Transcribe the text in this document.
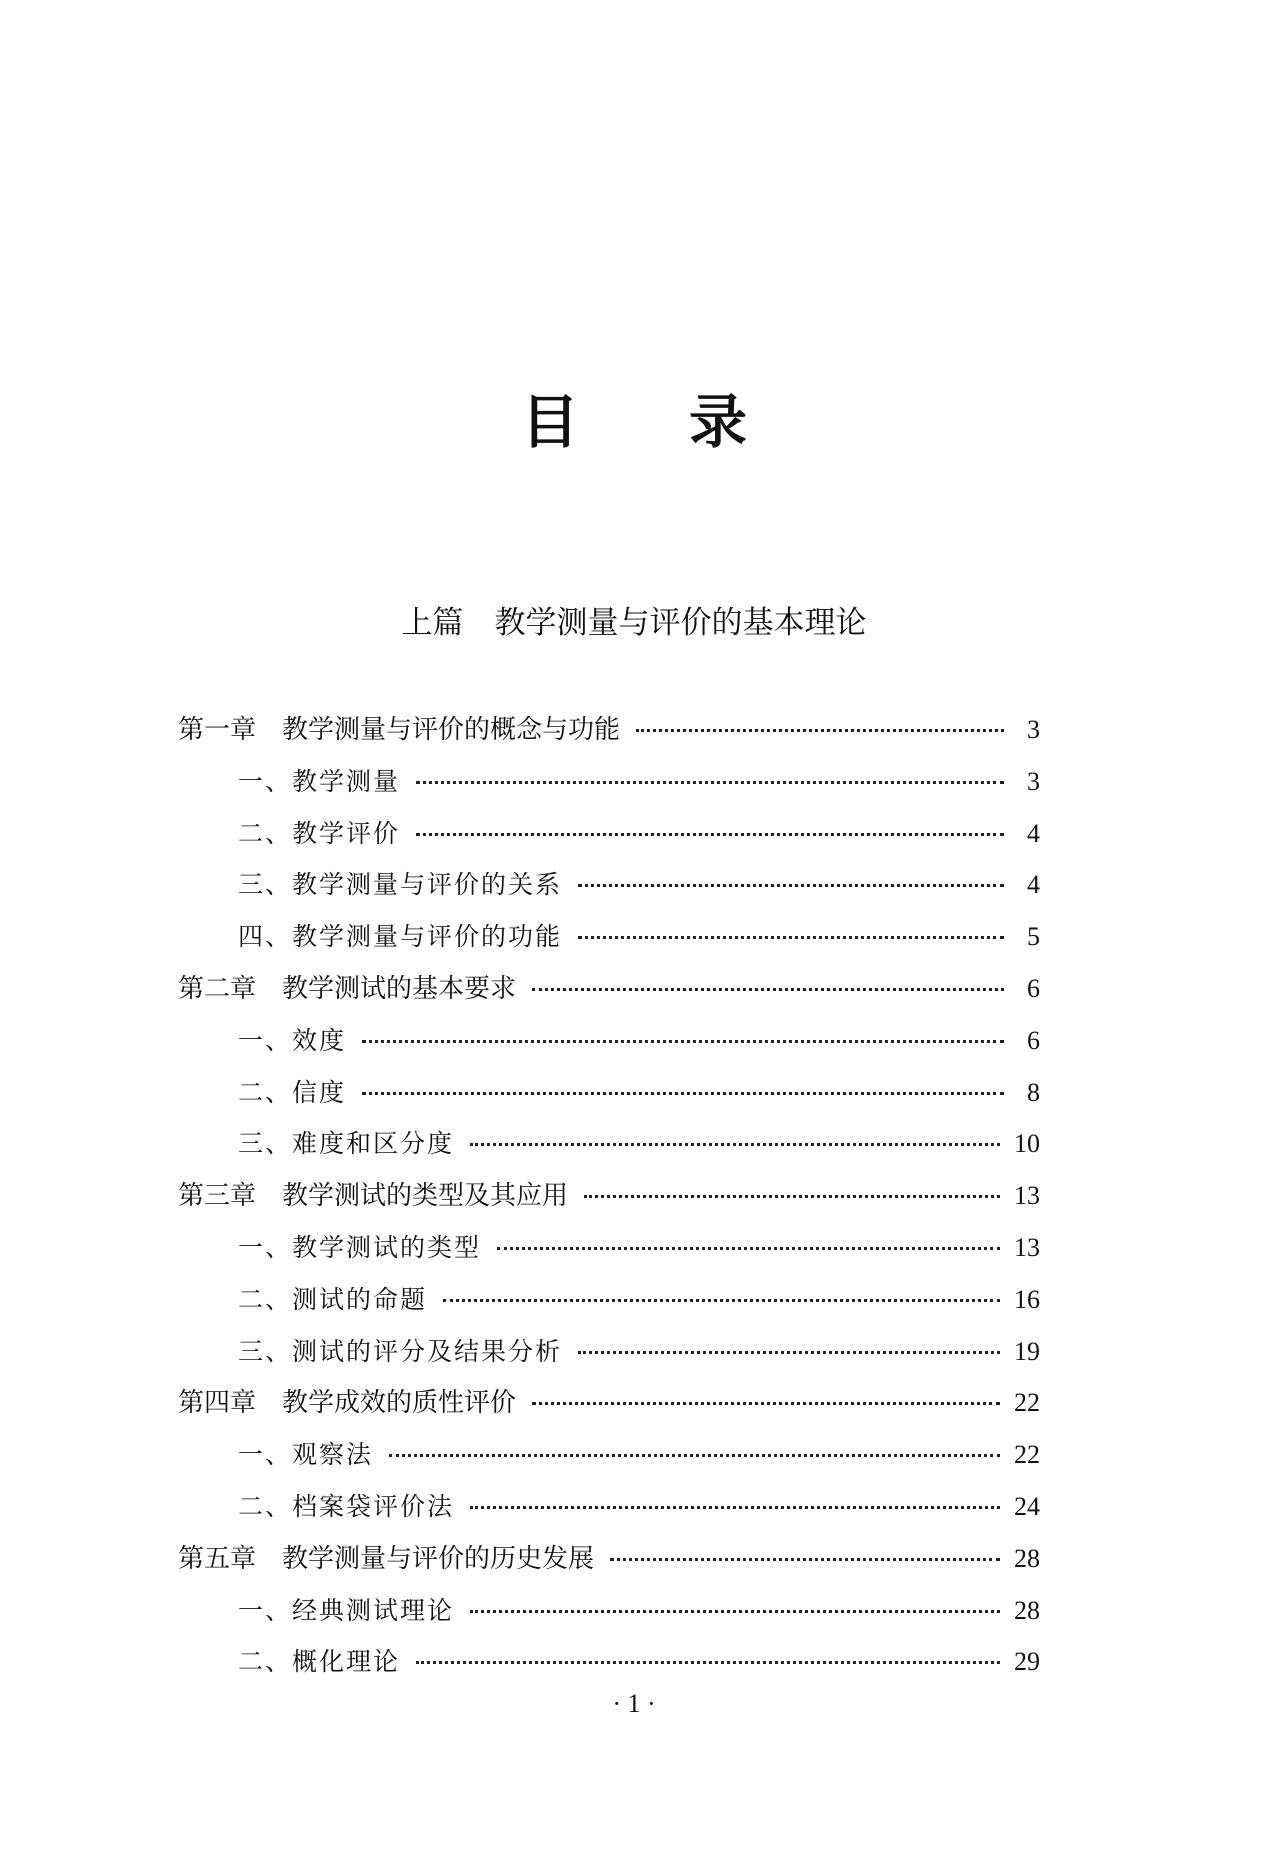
目录
上篇　教学测量与评价的基本理论
第一章　教学测量与评价的概念与功能	3
一、教学测量	3
二、教学评价	4
三、教学测量与评价的关系	4
四、教学测量与评价的功能	5
第二章　教学测试的基本要求	6
一、效度	6
二、信度	8
三、难度和区分度	10
第三章　教学测试的类型及其应用	13
一、教学测试的类型	13
二、测试的命题	16
三、测试的评分及结果分析	19
第四章　教学成效的质性评价	22
一、观察法	22
二、档案袋评价法	24
第五章　教学测量与评价的历史发展	28
一、经典测试理论	28
二、概化理论	29
· 1 ·
